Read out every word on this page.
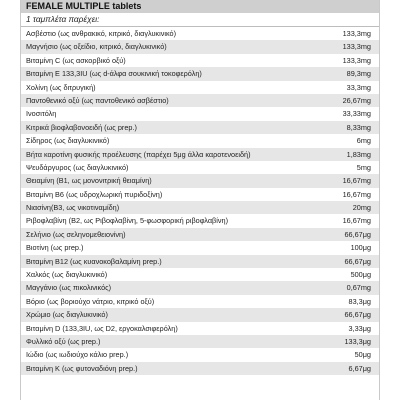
FEMALE MULTIPLE tablets
1 ταμπλέτα παρέχει:
Ασβέστιο (ως ανθρακικό, κιτρικό, διαγλυκινικό)	133,3mg
Μαγνήσιο (ως οξείδιο, κιτρικό, διαγλυκινικό)	133,3mg
Βιταμίνη C (ως ασκορβικό οξύ)	133,3mg
Βιταμίνη E 133,3IU (ως d-άλφα σουκινική τοκοφερόλη)	89,3mg
Χολίνη (ως διτρυγική)	33,3mg
Παντοθενικό οξύ (ως παντοθενικό ασβέστιο)	26,67mg
Ινοσιτόλη	33,33mg
Κιτρικά βιοφλαβονοειδή (ως prep.)	8,33mg
Σίδηρος (ως διαγλυκινικό)	6mg
Βήτα καροτίνη φυσικής προέλευσης (παρέχει 5μg άλλα καροτενοειδή)	1,83mg
Ψευδάργυρος (ως διαγλυκινικό)	5mg
Θειαμίνη (B1, ως μονονιτρική θειαμίνη)	16,67mg
Βιταμίνη B6 (ως υδροχλωρική πυριδοξίνη)	16,67mg
Νιασίνη(B3, ως νικοτιναμίδη)	20mg
Ριβοφλαβίνη (B2, ως Ριβοφλαβίνη, 5-φωσφορική ριβοφλαβίνη)	16,67mg
Σελήνιο (ως σεληνομεθειονίνη)	66,67μg
Βιοτίνη (ως prep.)	100μg
Βιταμίνη B12 (ως κυανοκοβαλαμίνη prep.)	66,67μg
Χαλκός (ως διαγλυκινικό)	500μg
Μαγγάνιο (ως πικολινικός)	0,67mg
Βόριο (ως βοριούχο νάτριο, κιτρικό οξύ)	83,3μg
Χρώμιο (ως διαγλυκινικό)	66,67μg
Βιταμίνη D (133,3IU, ως D2, εργοκαλσιφερόλη)	3,33μg
Φυλλικό οξύ (ως prep.)	133,3μg
Ιώδιο (ως ιωδιούχο κάλιο prep.)	50μg
Βιταμίνη K (ως φυτοναδιόνη prep.)	6,67μg
